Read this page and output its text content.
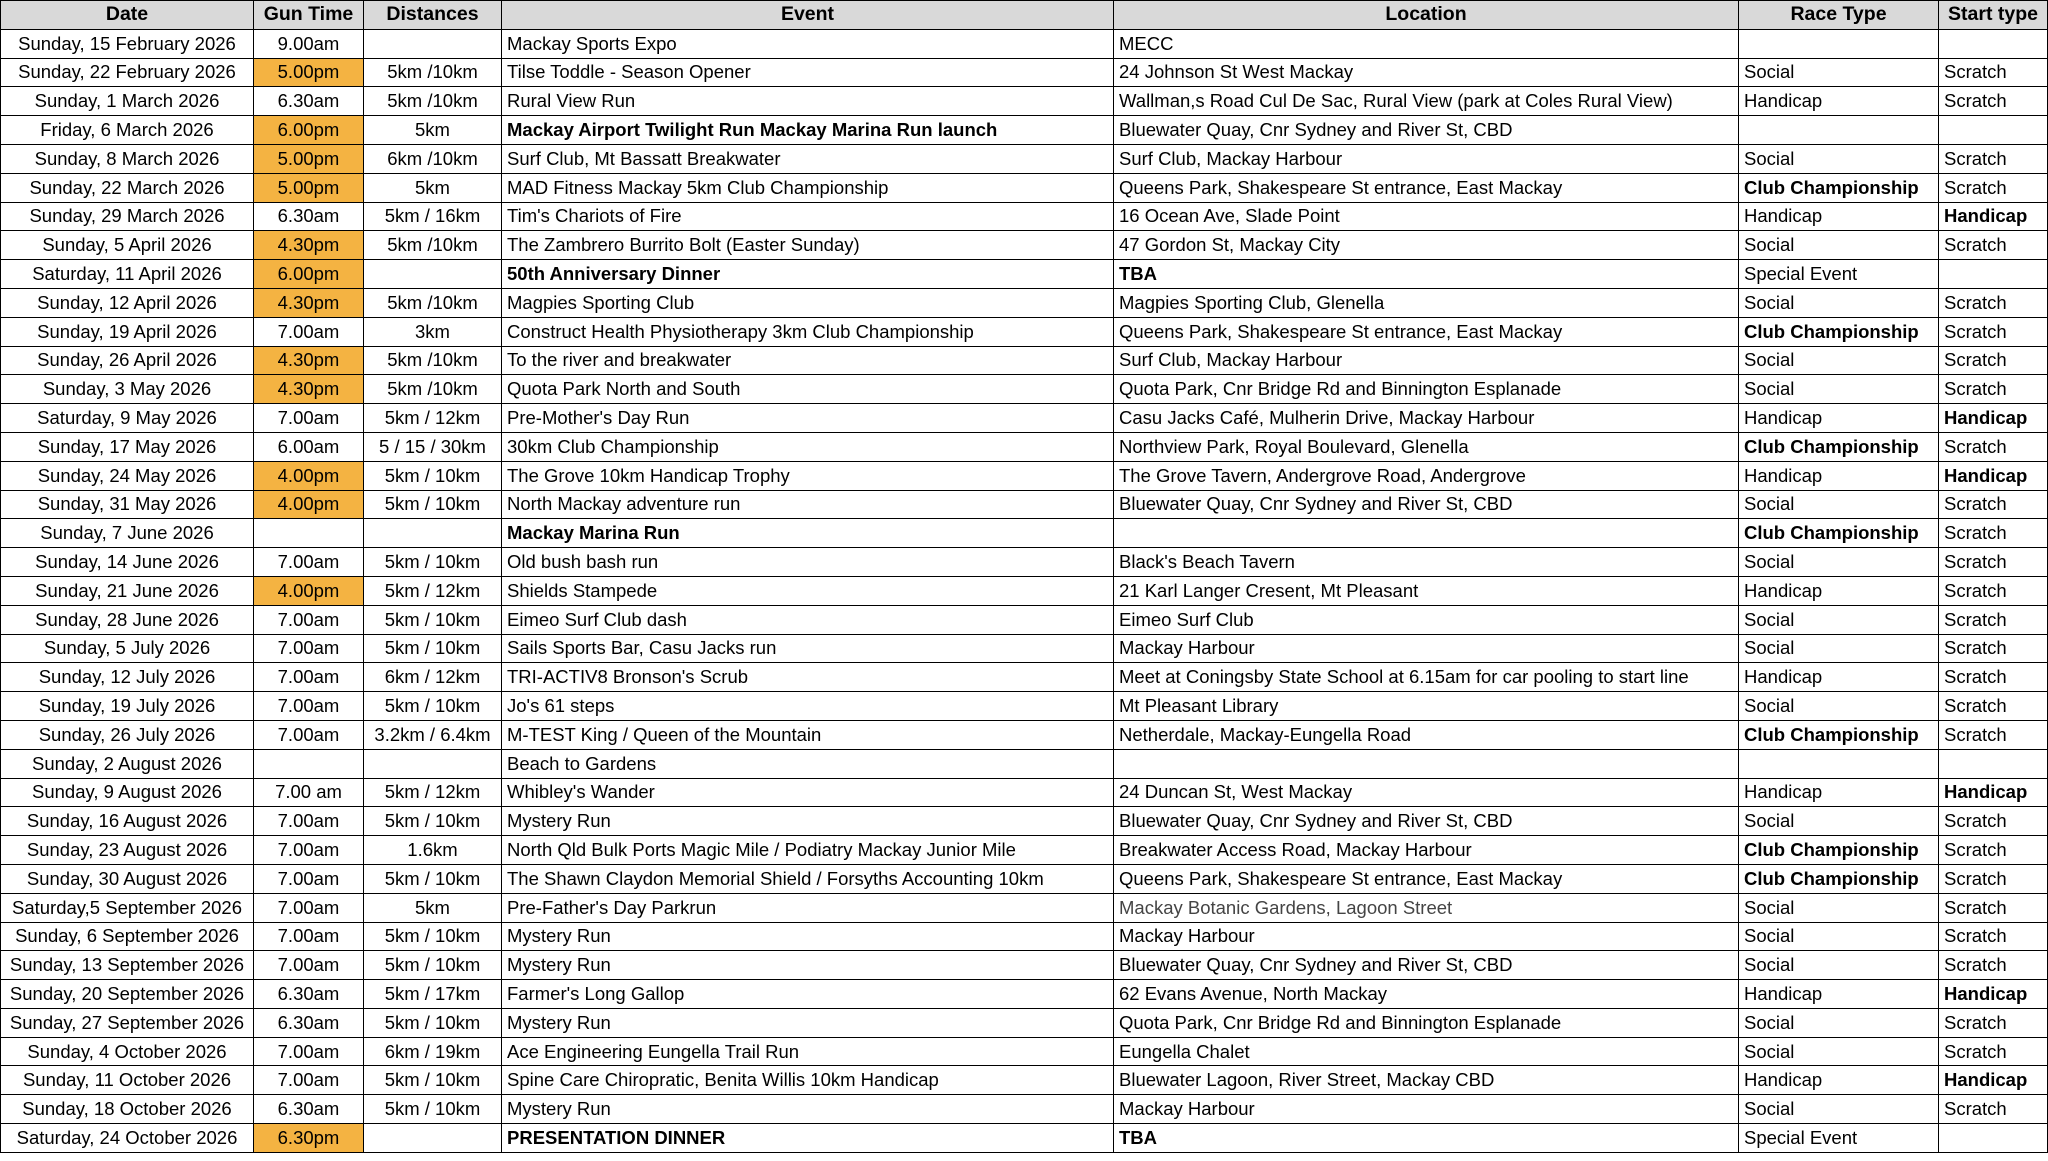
Date	Gun Time	Distances	Event	Location	Race Type	Start type
Sunday, 15 February 2026	9.00am		Mackay Sports Expo	MECC		
Sunday, 22 February 2026	5.00pm	5km /10km	Tilse Toddle - Season Opener	24 Johnson St West Mackay	Social	Scratch
Sunday, 1 March 2026	6.30am	5km /10km	Rural View Run	Wallman,s Road Cul De Sac, Rural View (park at Coles Rural View)	Handicap	Scratch
Friday, 6 March 2026	6.00pm	5km	Mackay Airport Twilight Run Mackay Marina Run launch	Bluewater Quay, Cnr Sydney and River St, CBD		
Sunday, 8 March 2026	5.00pm	6km /10km	Surf Club, Mt Bassatt Breakwater	Surf Club, Mackay Harbour	Social	Scratch
Sunday, 22 March 2026	5.00pm	5km	MAD Fitness Mackay 5km Club Championship	Queens Park, Shakespeare St entrance, East Mackay	Club Championship	Scratch
Sunday, 29 March 2026	6.30am	5km / 16km	Tim's Chariots of Fire	16 Ocean Ave, Slade Point	Handicap	Handicap
Sunday, 5 April 2026	4.30pm	5km /10km	The Zambrero Burrito Bolt (Easter Sunday)	47 Gordon St, Mackay City	Social	Scratch
Saturday, 11 April 2026	6.00pm		50th Anniversary Dinner	TBA	Special Event	
Sunday, 12 April 2026	4.30pm	5km /10km	Magpies Sporting Club	Magpies Sporting Club, Glenella	Social	Scratch
Sunday, 19 April 2026	7.00am	3km	Construct Health Physiotherapy 3km Club Championship	Queens Park, Shakespeare St entrance, East Mackay	Club Championship	Scratch
Sunday, 26 April 2026	4.30pm	5km /10km	To the river and breakwater	Surf Club, Mackay Harbour	Social	Scratch
Sunday, 3 May 2026	4.30pm	5km /10km	Quota Park North and South	Quota Park, Cnr Bridge Rd and Binnington Esplanade	Social	Scratch
Saturday, 9 May 2026	7.00am	5km / 12km	Pre-Mother's Day Run	Casu Jacks Café, Mulherin Drive, Mackay Harbour	Handicap	Handicap
Sunday, 17 May 2026	6.00am	5 / 15 / 30km	30km Club Championship	Northview Park, Royal Boulevard, Glenella	Club Championship	Scratch
Sunday, 24 May 2026	4.00pm	5km / 10km	The Grove 10km Handicap Trophy	The Grove Tavern, Andergrove Road, Andergrove	Handicap	Handicap
Sunday, 31 May 2026	4.00pm	5km / 10km	North Mackay adventure run	Bluewater Quay, Cnr Sydney and River St, CBD	Social	Scratch
Sunday, 7 June 2026			Mackay Marina Run		Club Championship	Scratch
Sunday, 14 June 2026	7.00am	5km / 10km	Old bush bash run	Black's Beach Tavern	Social	Scratch
Sunday, 21 June 2026	4.00pm	5km / 12km	Shields Stampede	21 Karl Langer Cresent, Mt Pleasant	Handicap	Scratch
Sunday, 28 June 2026	7.00am	5km / 10km	Eimeo Surf Club dash	Eimeo Surf Club	Social	Scratch
Sunday, 5 July 2026	7.00am	5km / 10km	Sails Sports Bar, Casu Jacks run	Mackay Harbour	Social	Scratch
Sunday, 12 July 2026	7.00am	6km / 12km	TRI-ACTIV8 Bronson's Scrub	Meet at Coningsby State School at 6.15am for car pooling to start line	Handicap	Scratch
Sunday, 19 July 2026	7.00am	5km / 10km	Jo's 61 steps	Mt Pleasant Library	Social	Scratch
Sunday, 26 July 2026	7.00am	3.2km / 6.4km	M-TEST King / Queen of the Mountain	Netherdale, Mackay-Eungella Road	Club Championship	Scratch
Sunday, 2 August 2026			Beach to Gardens			
Sunday, 9 August 2026	7.00 am	5km / 12km	Whibley's Wander	24 Duncan St, West Mackay	Handicap	Handicap
Sunday, 16 August 2026	7.00am	5km / 10km	Mystery Run	Bluewater Quay, Cnr Sydney and River St, CBD	Social	Scratch
Sunday, 23 August 2026	7.00am	1.6km	North Qld Bulk Ports Magic Mile / Podiatry Mackay Junior Mile	Breakwater Access Road, Mackay Harbour	Club Championship	Scratch
Sunday, 30 August 2026	7.00am	5km / 10km	The Shawn Claydon Memorial Shield / Forsyths Accounting 10km	Queens Park, Shakespeare St entrance, East Mackay	Club Championship	Scratch
Saturday,5 September 2026	7.00am	5km	Pre-Father's Day Parkrun	Mackay Botanic Gardens, Lagoon Street	Social	Scratch
Sunday, 6 September 2026	7.00am	5km / 10km	Mystery Run	Mackay Harbour	Social	Scratch
Sunday, 13 September 2026	7.00am	5km / 10km	Mystery Run	Bluewater Quay, Cnr Sydney and River St, CBD	Social	Scratch
Sunday, 20 September 2026	6.30am	5km / 17km	Farmer's Long Gallop	62 Evans Avenue, North Mackay	Handicap	Handicap
Sunday, 27 September 2026	6.30am	5km / 10km	Mystery Run	Quota Park, Cnr Bridge Rd and Binnington Esplanade	Social	Scratch
Sunday, 4 October 2026	7.00am	6km / 19km	Ace Engineering Eungella Trail Run	Eungella Chalet	Social	Scratch
Sunday, 11 October 2026	7.00am	5km / 10km	Spine Care Chiropratic, Benita Willis 10km Handicap	Bluewater Lagoon, River Street, Mackay CBD	Handicap	Handicap
Sunday, 18 October 2026	6.30am	5km / 10km	Mystery Run	Mackay Harbour	Social	Scratch
Saturday, 24 October 2026	6.30pm		PRESENTATION DINNER	TBA	Special Event	
